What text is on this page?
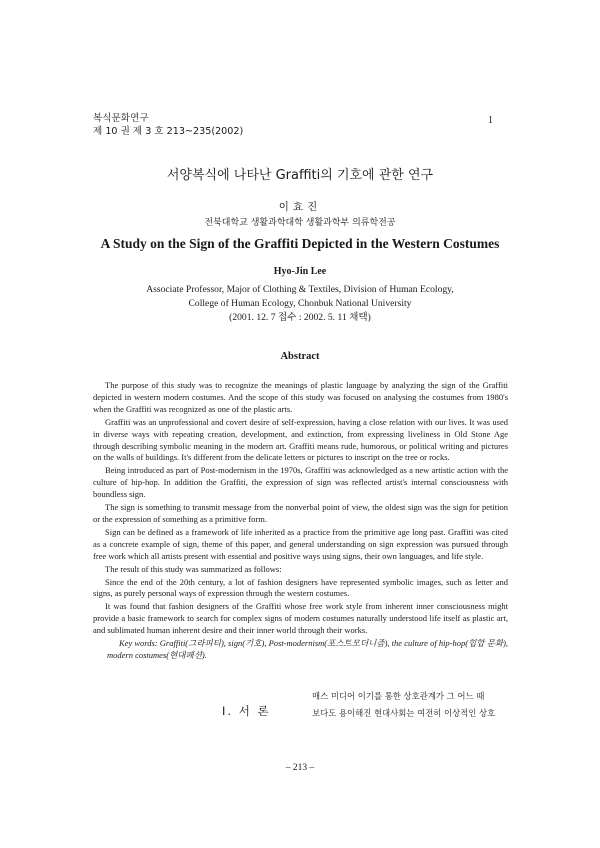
복식문화연구
제 10 권 제 3 호 213~235(2002)
1
서양복식에 나타난 Graffiti의 기호에 관한 연구
이효진
전북대학교 생활과학대학 생활과학부 의류학전공
A Study on the Sign of the Graffiti Depicted in the Western Costumes
Hyo-Jin Lee
Associate Professor, Major of Clothing & Textiles, Division of Human Ecology,
College of Human Ecology, Chonbuk National University
(2001. 12. 7 접수 : 2002. 5. 11 채택)
Abstract

The purpose of this study was to recognize the meanings of plastic language by analyzing the sign of the Graffiti depicted in western modern costumes. And the scope of this study was focused on analysing the costumes from 1980's when the Graffiti was recognized as one of the plastic arts.

Graffiti was an unprofessional and covert desire of self-expression, having a close relation with our lives. It was used in diverse ways with repeating creation, development, and extinction, from expressing liveliness in Old Stone Age through describing symbolic meaning in the modern art. Graffiti means rude, humorous, or political writing and pictures on the walls of buildings. It's different from the delicate letters or pictures to inscript on the tree or rocks.

Being introduced as part of Post-modernism in the 1970s, Graffiti was acknowledged as a new artistic action with the culture of hip-hop. In addition the Graffiti, the expression of sign was reflected artist's internal consciousness with boundless sign.

The sign is something to transmit message from the nonverbal point of view, the oldest sign was the sign for petition or the expression of something as a primitive form.

Sign can be defined as a framework of life inherited as a practice from the primitive age long past. Graffiti was cited as a concrete example of sign, theme of this paper, and general understanding on sign expression was pursued through free work which all artists present with essential and positive ways using signs, their own languages, and life style.

The result of this study was summarized as follows:

Since the end of the 20th century, a lot of fashion designers have represented symbolic images, such as letter and signs, as purely personal ways of expression through the western costumes.

It was found that fashion designers of the Graffiti whose free work style from inherent inner consciousness might provide a basic framework to search for complex signs of modern costumes naturally understood life itself as plastic art, and sublimated human inherent desire and their inner world through their works.

Key words: Graffiti(그라피티), sign(기호), Post-modernism(포스트모더니즘), the culture of hip-hop(힙합 문화), modern costumes(현대패션).

Ⅰ. 서 론
매스 미디어 이기를 통한 상호관계가 그 어느 때
보다도 용이해진 현대사회는 여전히 이상적인 상호
– 213 –
